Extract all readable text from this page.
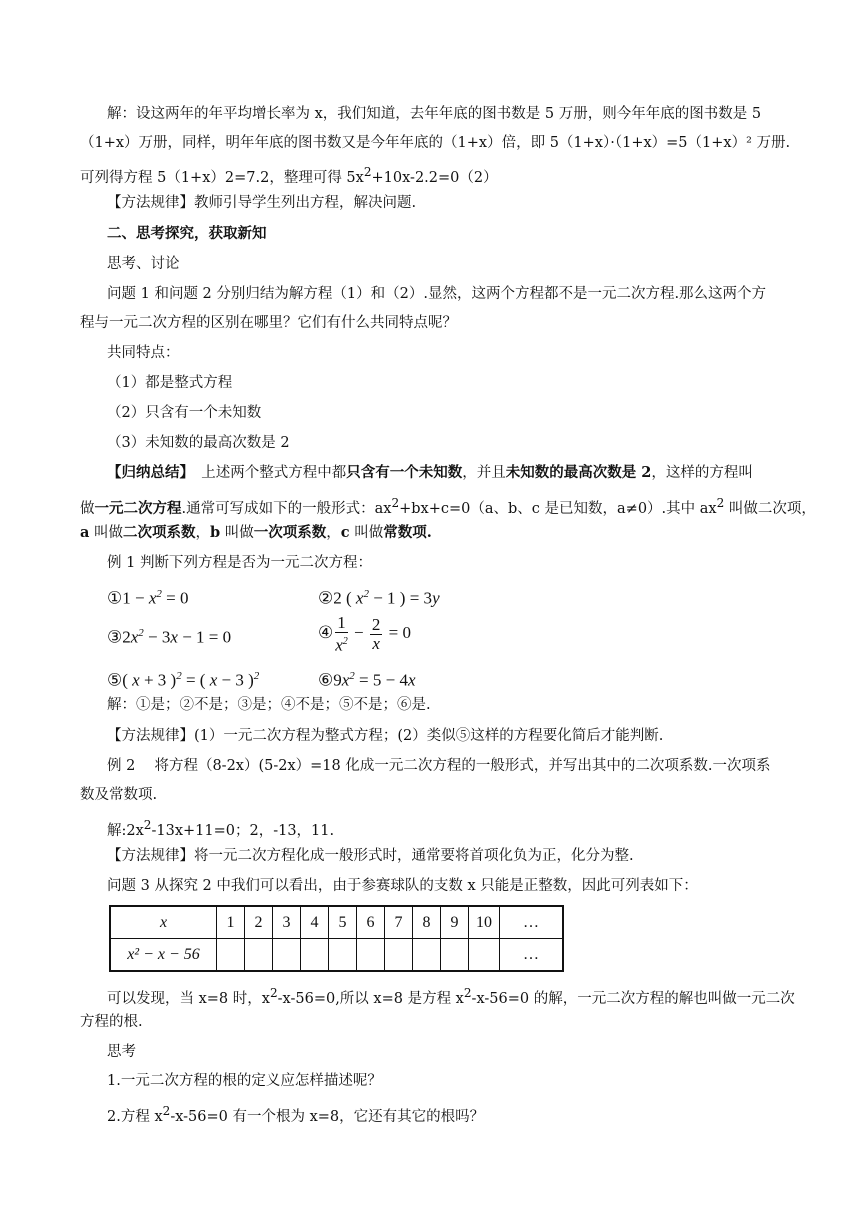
解：设这两年的年平均增长率为 x，我们知道，去年年底的图书数是 5 万册，则今年年底的图书数是 5
（1+x）万册，同样，明年年底的图书数又是今年年底的（1+x）倍，即 5（1+x）·（1+x）=5（1+x）² 万册.
可列得方程 5（1+x）2=7.2，整理可得 $5x^2+10x-2.2=0(2)$
【方法规律】教师引导学生列出方程，解决问题.
二、思考探究，获取新知
思考、讨论
问题 1 和问题 2 分别归结为解方程（1）和（2）.显然，这两个方程都不是一元二次方程.那么这两个方
程与一元二次方程的区别在哪里？它们有什么共同特点呢？
共同特点：
（1）都是整式方程
（2）只含有一个未知数
（3）未知数的最高次数是 2
【归纳总结】　上述两个整式方程中都只含有一个未知数，并且未知数的最高次数是 2，这样的方程叫
做一元二次方程.通常可写成如下的一般形式：$ax^2+bx+c=0(a$、b、c 是已知数，a≠0）.其中 $ax^2$ 叫做二次项，
a 叫做二次项系数，b 叫做一次项系数，c 叫做常数项.
例 1 判断下列方程是否为一元二次方程：
①1 − $x^2 = 0$	②2 ( $x^2 - 1$ ) = 3y
$③2x^2 - 3x - 1 = 0$	④ $\frac{1}{x^2} - \frac{2}{x} = 0$
⑤( x + 3 )$^2$ = ( x − 3 )$^2$	$⑥9x^2 = 5 - 4x$
解：①是；②不是；③是；④不是；⑤不是；⑥是.
【方法规律】(1）一元二次方程为整式方程；(2）类似⑤这样的方程要化简后才能判断.
例 2　 将方程（8-2x）(5-2x）=18 化成一元二次方程的一般形式，并写出其中的二次项系数.一次项系
数及常数项.
解$:2x^2-13x+11=0$；2，-13，11.
【方法规律】将一元二次方程化成一般形式时，通常要将首项化负为正，化分为整.
问题 3 从探究 2 中我们可以看出，由于参赛球队的支数 x 只能是正整数，因此可列表如下：
x	1	2	3	4	5	6	7	8	9	10	…
x² − x − 56											…
可以发现，当 x=8 时，$x^2-x-56=0$,所以 x=8 是方程 $x^2-x-56=0$ 的解，一元二次方程的解也叫做一元二次
方程的根.
思考
1.一元二次方程的根的定义应怎样描述呢？
2.方程 $x^2-x-56=0$ 有一个根为 x=8，它还有其它的根吗？
